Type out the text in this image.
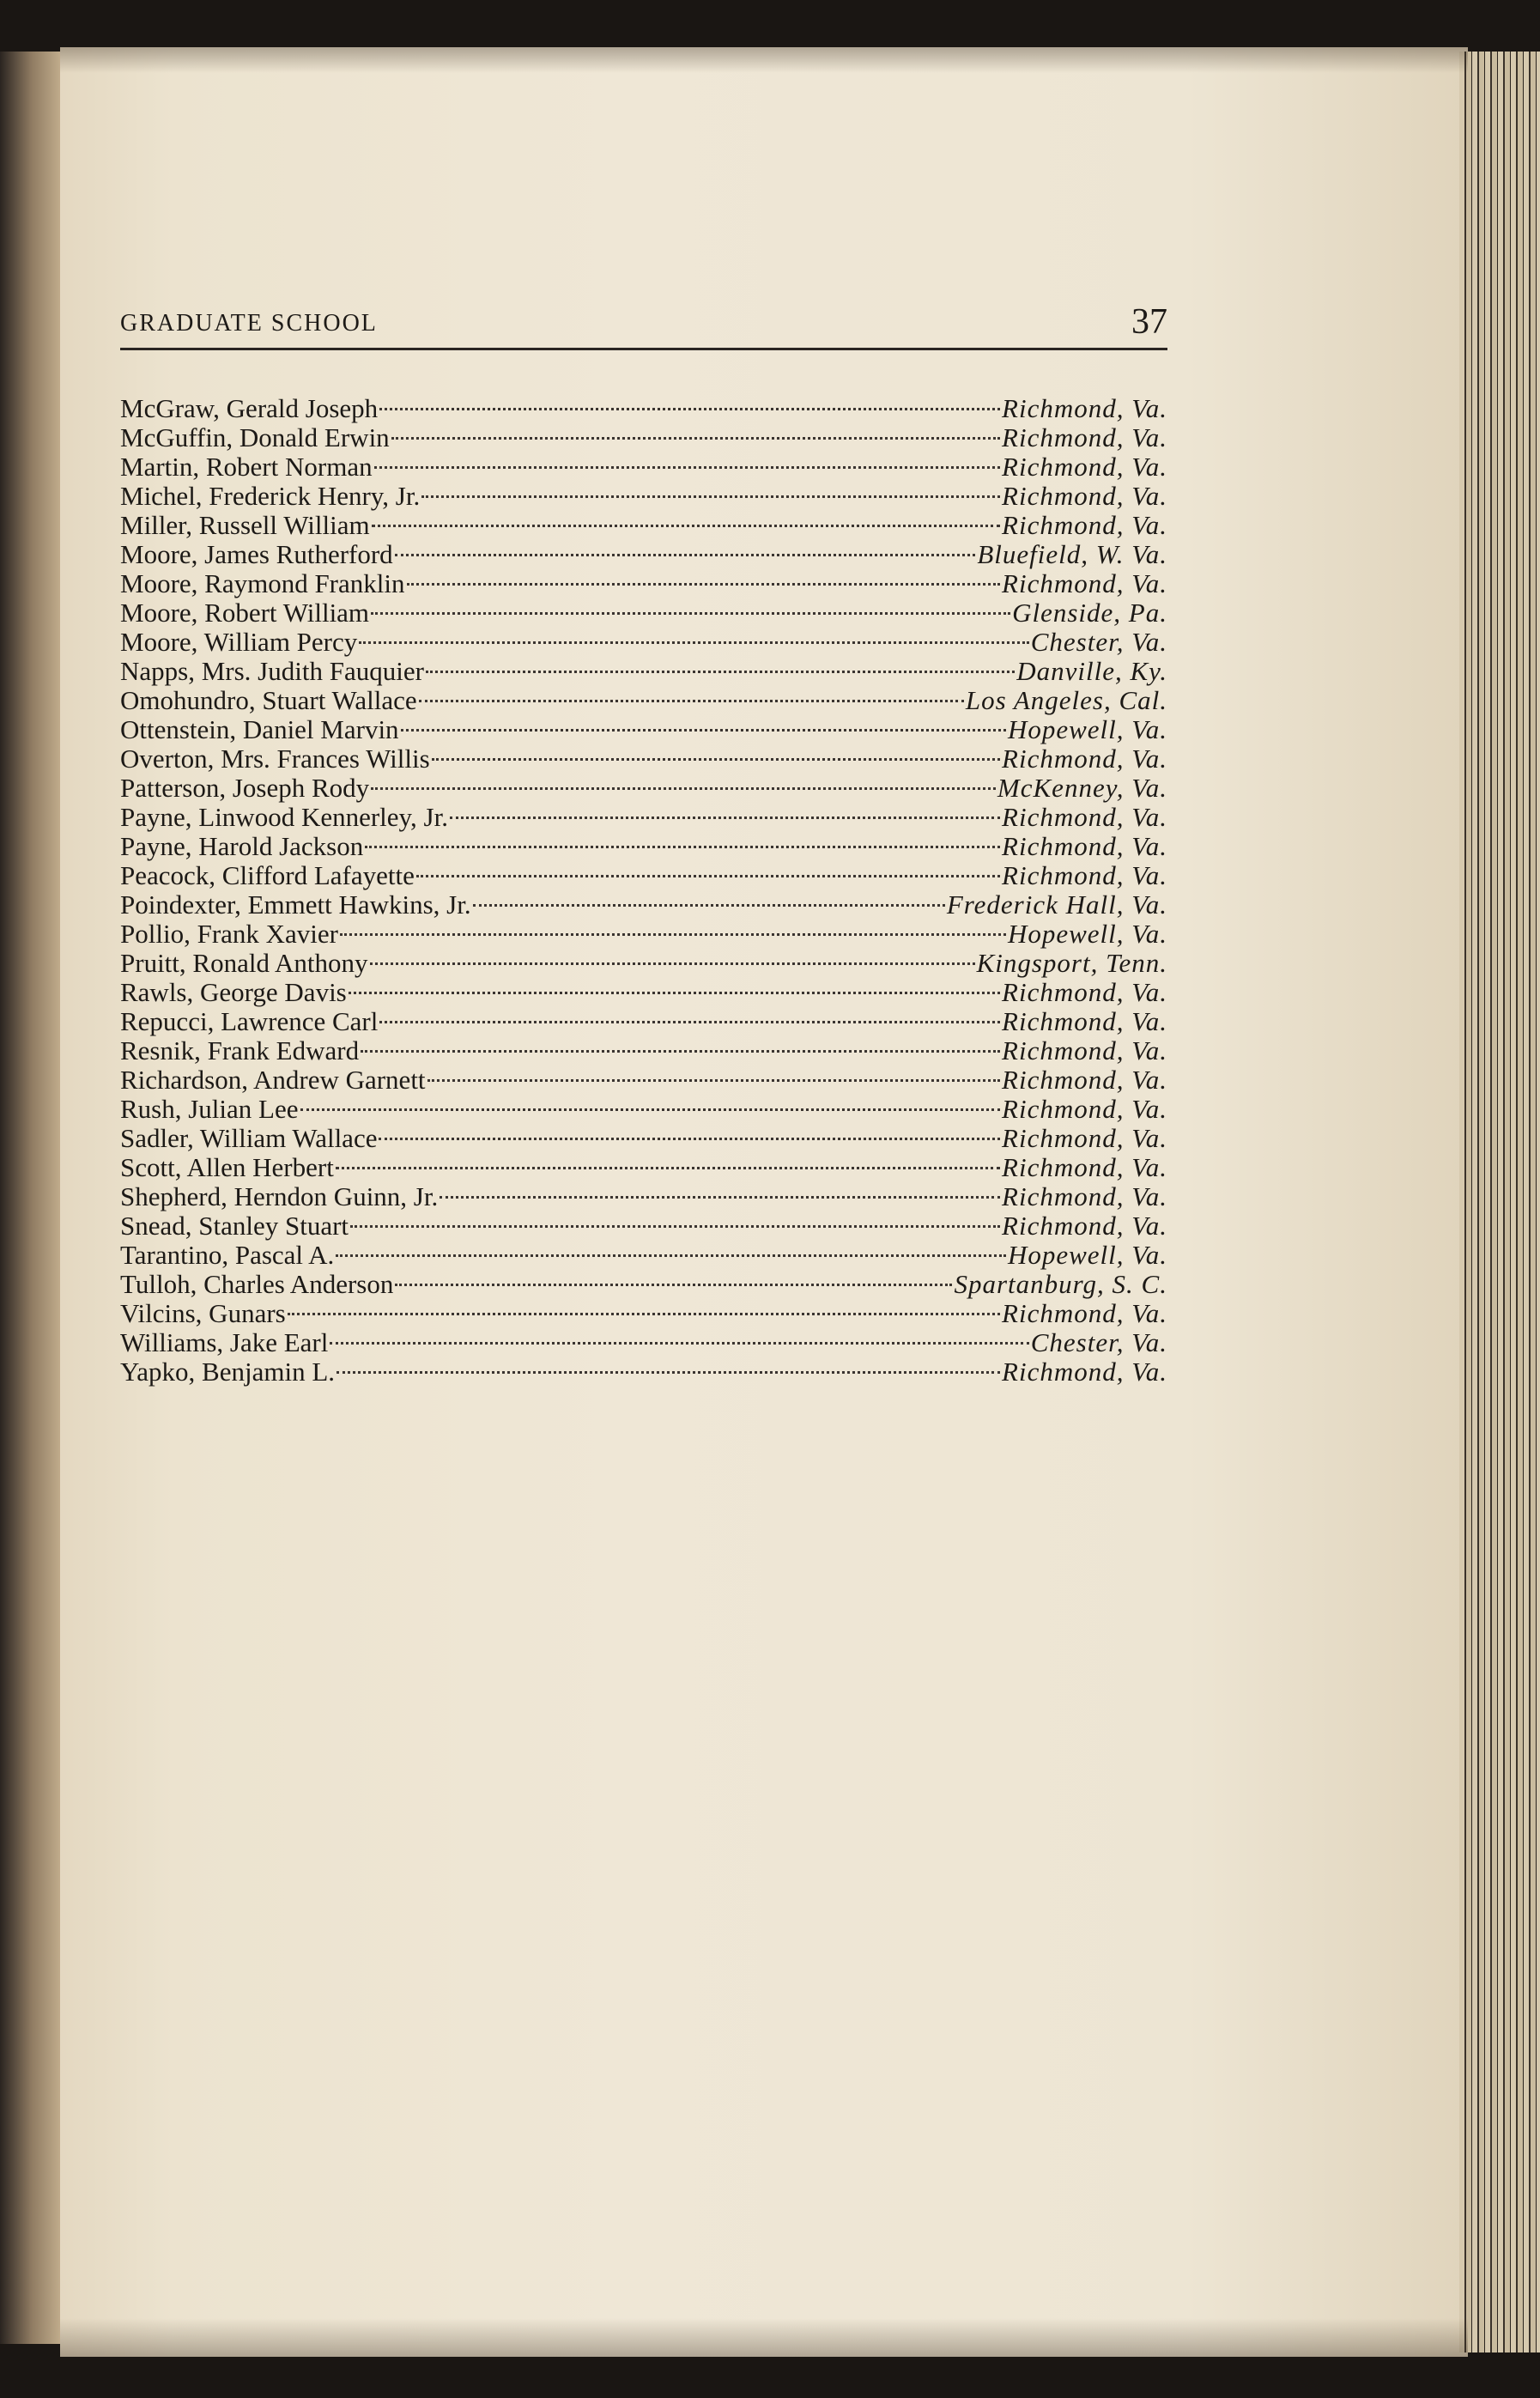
GRADUATE SCHOOL	37
McGraw, Gerald Joseph	Richmond, Va.
McGuffin, Donald Erwin	Richmond, Va.
Martin, Robert Norman	Richmond, Va.
Michel, Frederick Henry, Jr.	Richmond, Va.
Miller, Russell William	Richmond, Va.
Moore, James Rutherford	Bluefield, W. Va.
Moore, Raymond Franklin	Richmond, Va.
Moore, Robert William	Glenside, Pa.
Moore, William Percy	Chester, Va.
Napps, Mrs. Judith Fauquier	Danville, Ky.
Omohundro, Stuart Wallace	Los Angeles, Cal.
Ottenstein, Daniel Marvin	Hopewell, Va.
Overton, Mrs. Frances Willis	Richmond, Va.
Patterson, Joseph Rody	McKenney, Va.
Payne, Linwood Kennerley, Jr.	Richmond, Va.
Payne, Harold Jackson	Richmond, Va.
Peacock, Clifford Lafayette	Richmond, Va.
Poindexter, Emmett Hawkins, Jr.	Frederick Hall, Va.
Pollio, Frank Xavier	Hopewell, Va.
Pruitt, Ronald Anthony	Kingsport, Tenn.
Rawls, George Davis	Richmond, Va.
Repucci, Lawrence Carl	Richmond, Va.
Resnik, Frank Edward	Richmond, Va.
Richardson, Andrew Garnett	Richmond, Va.
Rush, Julian Lee	Richmond, Va.
Sadler, William Wallace	Richmond, Va.
Scott, Allen Herbert	Richmond, Va.
Shepherd, Herndon Guinn, Jr.	Richmond, Va.
Snead, Stanley Stuart	Richmond, Va.
Tarantino, Pascal A.	Hopewell, Va.
Tulloh, Charles Anderson	Spartanburg, S. C.
Vilcins, Gunars	Richmond, Va.
Williams, Jake Earl	Chester, Va.
Yapko, Benjamin L.	Richmond, Va.
